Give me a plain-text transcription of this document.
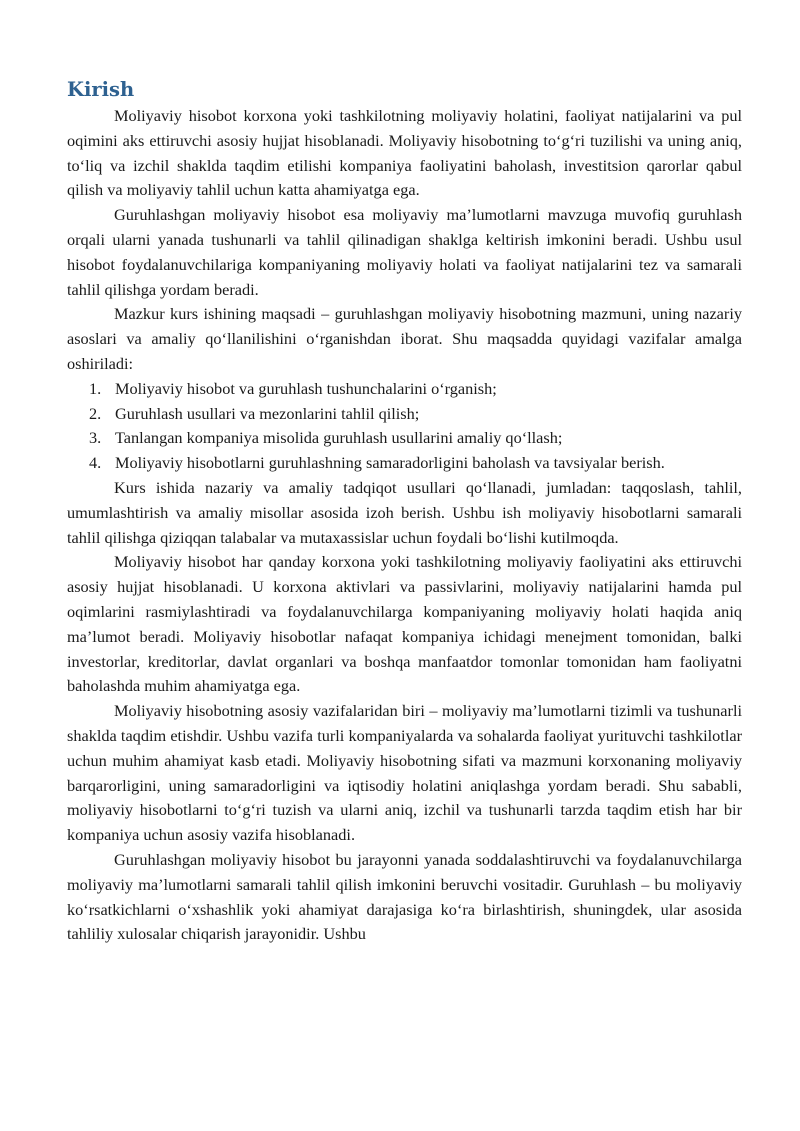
Kirish

Moliyaviy hisobot korxona yoki tashkilotning moliyaviy holatini, faoliyat natijalarini va pul oqimini aks ettiruvchi asosiy hujjat hisoblanadi. Moliyaviy hisobotning to‘g‘ri tuzilishi va uning aniq, to‘liq va izchil shaklda taqdim etilishi kompaniya faoliyatini baholash, investitsion qarorlar qabul qilish va moliyaviy tahlil uchun katta ahamiyatga ega.

Guruhlashgan moliyaviy hisobot esa moliyaviy ma’lumotlarni mavzuga muvofiq guruhlash orqali ularni yanada tushunarli va tahlil qilinadigan shaklga keltirish imkonini beradi. Ushbu usul hisobot foydalanuvchilariga kompaniyaning moliyaviy holati va faoliyat natijalarini tez va samarali tahlil qilishga yordam beradi.

Mazkur kurs ishining maqsadi – guruhlashgan moliyaviy hisobotning mazmuni, uning nazariy asoslari va amaliy qo‘llanilishini o‘rganishdan iborat. Shu maqsadda quyidagi vazifalar amalga oshiriladi:

1. Moliyaviy hisobot va guruhlash tushunchalarini o‘rganish;
2. Guruhlash usullari va mezonlarini tahlil qilish;
3. Tanlangan kompaniya misolida guruhlash usullarini amaliy qo‘llash;
4. Moliyaviy hisobotlarni guruhlashning samaradorligini baholash va tavsiyalar berish.

Kurs ishida nazariy va amaliy tadqiqot usullari qo‘llanadi, jumladan: taqqoslash, tahlil, umumlashtirish va amaliy misollar asosida izoh berish. Ushbu ish moliyaviy hisobotlarni samarali tahlil qilishga qiziqqan talabalar va mutaxassislar uchun foydali bo‘lishi kutilmoqda.

Moliyaviy hisobot har qanday korxona yoki tashkilotning moliyaviy faoliyatini aks ettiruvchi asosiy hujjat hisoblanadi. U korxona aktivlari va passivlarini, moliyaviy natijalarini hamda pul oqimlarini rasmiylashtiradi va foydalanuvchilarga kompaniyaning moliyaviy holati haqida aniq ma’lumot beradi. Moliyaviy hisobotlar nafaqat kompaniya ichidagi menejment tomonidan, balki investorlar, kreditorlar, davlat organlari va boshqa manfaatdor tomonlar tomonidan ham faoliyatni baholashda muhim ahamiyatga ega.

Moliyaviy hisobotning asosiy vazifalaridan biri – moliyaviy ma’lumotlarni tizimli va tushunarli shaklda taqdim etishdir. Ushbu vazifa turli kompaniyalarda va sohalarda faoliyat yurituvchi tashkilotlar uchun muhim ahamiyat kasb etadi. Moliyaviy hisobotning sifati va mazmuni korxonaning moliyaviy barqarorligini, uning samaradorligini va iqtisodiy holatini aniqlashga yordam beradi. Shu sababli, moliyaviy hisobotlarni to‘g‘ri tuzish va ularni aniq, izchil va tushunarli tarzda taqdim etish har bir kompaniya uchun asosiy vazifa hisoblanadi.

Guruhlashgan moliyaviy hisobot bu jarayonni yanada soddalashtiruvchi va foydalanuvchilarga moliyaviy ma’lumotlarni samarali tahlil qilish imkonini beruvchi vositadir. Guruhlash – bu moliyaviy ko‘rsatkichlarni o‘xshashlik yoki ahamiyat darajasiga ko‘ra birlashtirish, shuningdek, ular asosida tahliliy xulosalar chiqarish jarayonidir. Ushbu
